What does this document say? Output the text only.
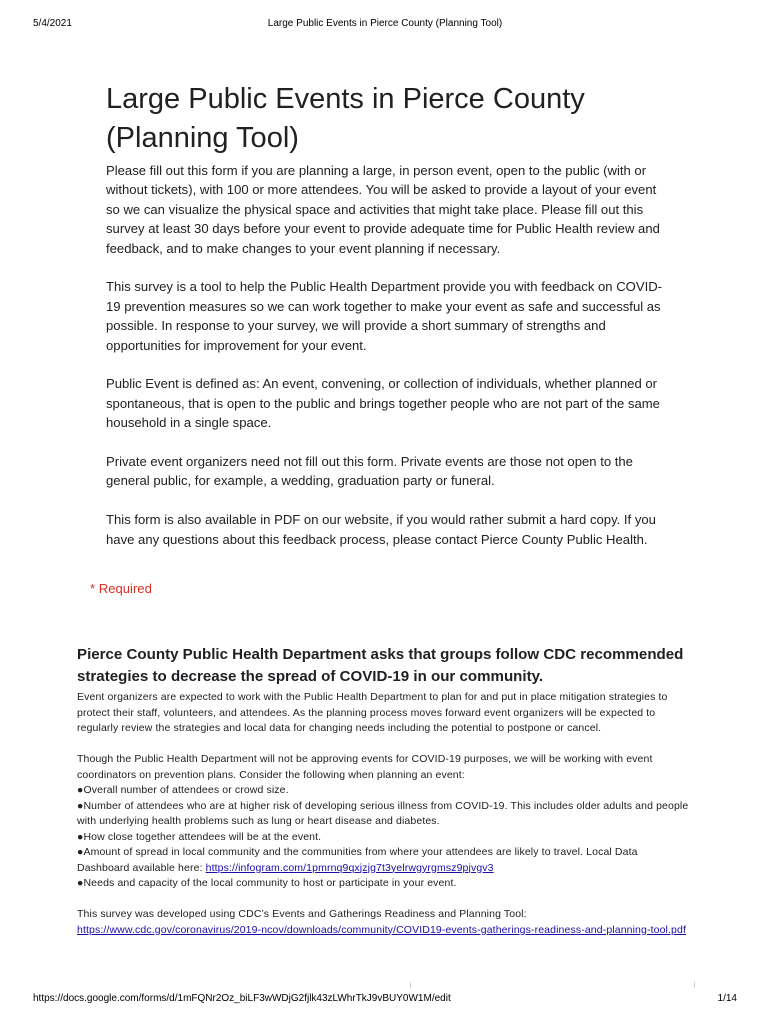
5/4/2021	Large Public Events in Pierce County (Planning Tool)
Large Public Events in Pierce County (Planning Tool)

Please fill out this form if you are planning a large, in person event, open to the public (with or without tickets), with 100 or more attendees. You will be asked to provide a layout of your event so we can visualize the physical space and activities that might take place. Please fill out this survey at least 30 days before your event to provide adequate time for Public Health review and feedback, and to make changes to your event planning if necessary.

This survey is a tool to help the Public Health Department provide you with feedback on COVID-19 prevention measures so we can work together to make your event as safe and successful as possible. In response to your survey, we will provide a short summary of strengths and opportunities for improvement for your event.

Public Event is defined as: An event, convening, or collection of individuals, whether planned or spontaneous, that is open to the public and brings together people who are not part of the same household in a single space.

Private event organizers need not fill out this form. Private events are those not open to the general public, for example, a wedding, graduation party or funeral.

This form is also available in PDF on our website, if you would rather submit a hard copy. If you have any questions about this feedback process, please contact Pierce County Public Health.

* Required
Pierce County Public Health Department asks that groups follow CDC recommended strategies to decrease the spread of COVID-19 in our community.

Event organizers are expected to work with the Public Health Department to plan for and put in place mitigation strategies to protect their staff, volunteers, and attendees. As the planning process moves forward event organizers will be expected to regularly review the strategies and local data for changing needs including the potential to postpone or cancel.

Though the Public Health Department will not be approving events for COVID-19 purposes, we will be working with event coordinators on prevention plans. Consider the following when planning an event:
●Overall number of attendees or crowd size.
●Number of attendees who are at higher risk of developing serious illness from COVID-19. This includes older adults and people with underlying health problems such as lung or heart disease and diabetes.
●How close together attendees will be at the event.
●Amount of spread in local community and the communities from where your attendees are likely to travel. Local Data Dashboard available here: https://infogram.com/1pmrnq9qxjzjg7t3yelrwgyrgmsz9pjvgv3
●Needs and capacity of the local community to host or participate in your event.

This survey was developed using CDC’s Events and Gatherings Readiness and Planning Tool:
https://www.cdc.gov/coronavirus/2019-ncov/downloads/community/COVID19-events-gatherings-readiness-and-planning-tool.pdf

https://docs.google.com/forms/d/1mFQNr2Oz_biLF3wWDjG2fjlk43zLWhrTkJ9vBUY0W1M/edit	1/14
